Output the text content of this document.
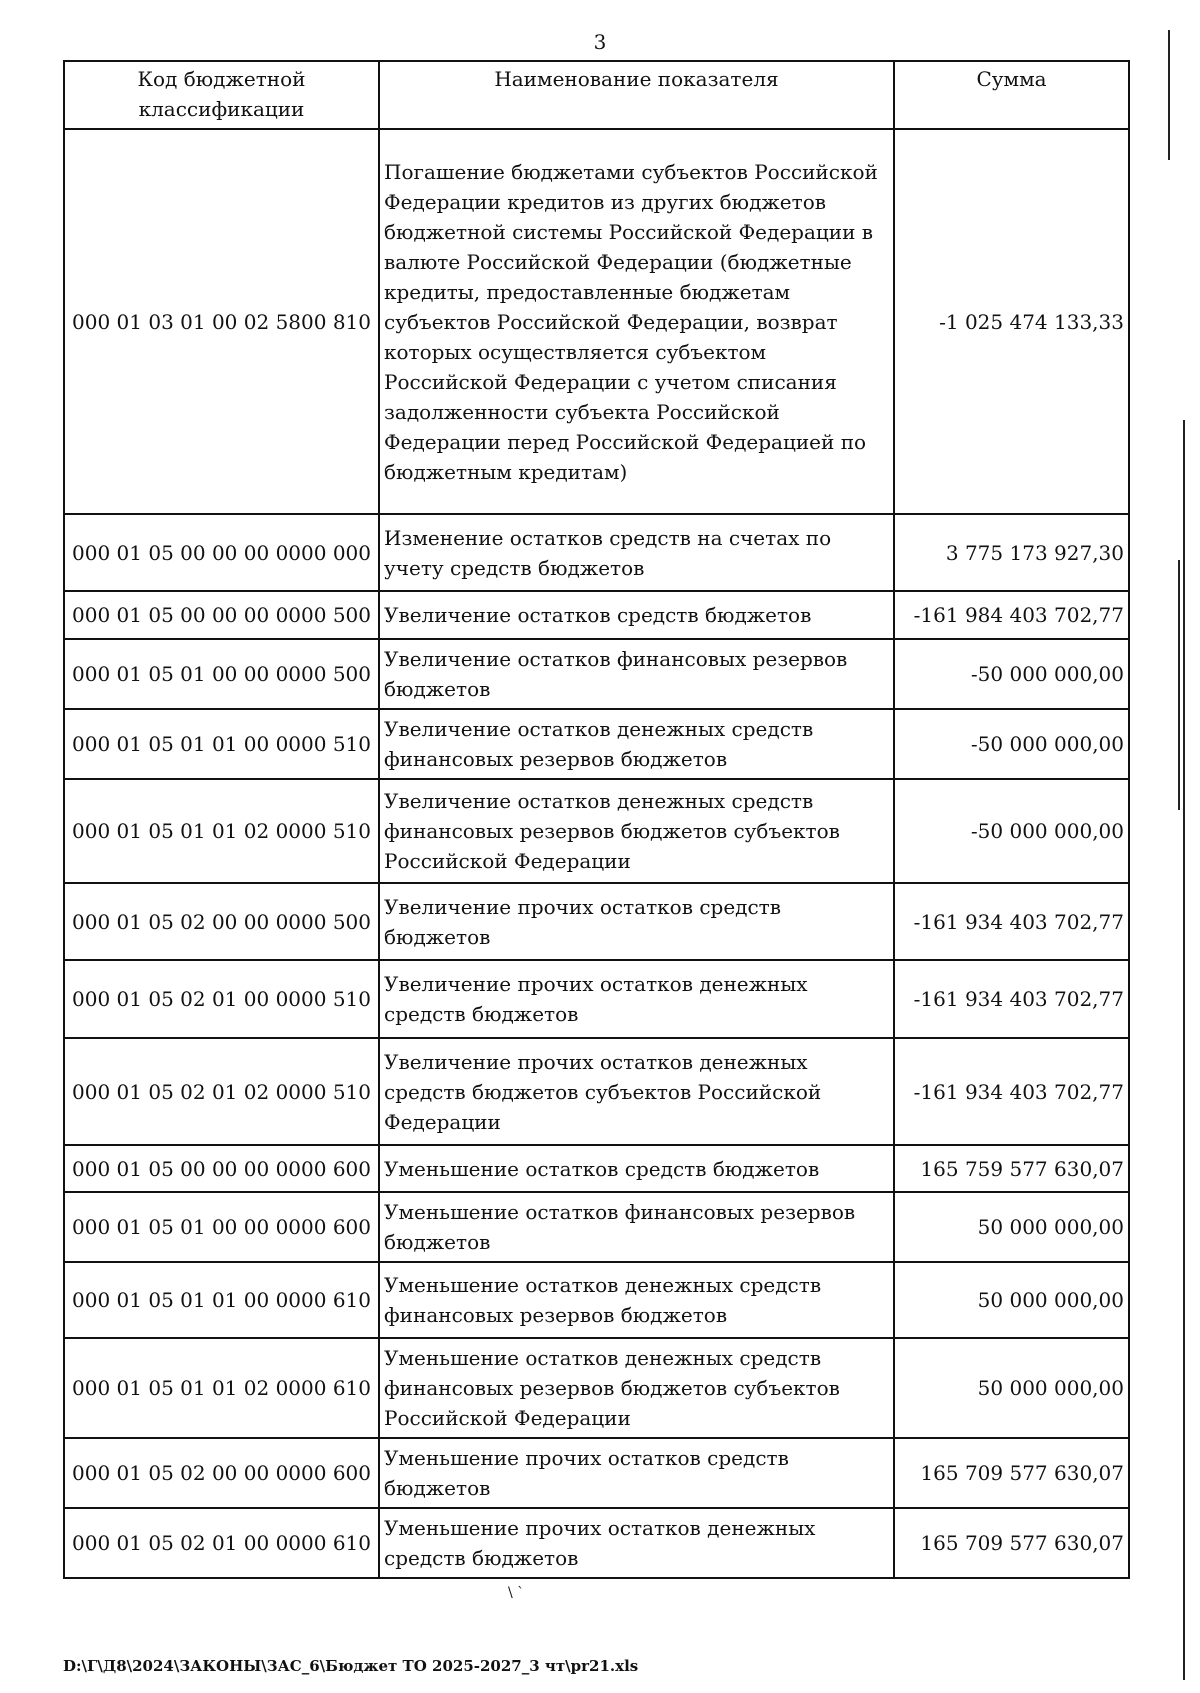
3
Код бюджетной классификации	Наименование показателя	Сумма
000 01 03 01 00 02 5800 810	Погашение бюджетами субъектов Российской Федерации кредитов из других бюджетов бюджетной системы Российской Федерации в валюте Российской Федерации (бюджетные кредиты, предоставленные бюджетам субъектов Российской Федерации, возврат которых осуществляется субъектом Российской Федерации с учетом списания задолженности субъекта Российской Федерации перед Российской Федерацией по бюджетным кредитам)	-1 025 474 133,33
000 01 05 00 00 00 0000 000	Изменение остатков средств на счетах по учету средств бюджетов	3 775 173 927,30
000 01 05 00 00 00 0000 500	Увеличение остатков средств бюджетов	-161 984 403 702,77
000 01 05 01 00 00 0000 500	Увеличение остатков финансовых резервов бюджетов	-50 000 000,00
000 01 05 01 01 00 0000 510	Увеличение остатков денежных средств финансовых резервов бюджетов	-50 000 000,00
000 01 05 01 01 02 0000 510	Увеличение остатков денежных средств финансовых резервов бюджетов субъектов Российской Федерации	-50 000 000,00
000 01 05 02 00 00 0000 500	Увеличение прочих остатков средств бюджетов	-161 934 403 702,77
000 01 05 02 01 00 0000 510	Увеличение прочих остатков денежных средств бюджетов	-161 934 403 702,77
000 01 05 02 01 02 0000 510	Увеличение прочих остатков денежных средств бюджетов субъектов Российской Федерации	-161 934 403 702,77
000 01 05 00 00 00 0000 600	Уменьшение остатков средств бюджетов	165 759 577 630,07
000 01 05 01 00 00 0000 600	Уменьшение остатков финансовых резервов бюджетов	50 000 000,00
000 01 05 01 01 00 0000 610	Уменьшение остатков денежных средств финансовых резервов бюджетов	50 000 000,00
000 01 05 01 01 02 0000 610	Уменьшение остатков денежных средств финансовых резервов бюджетов субъектов Российской Федерации	50 000 000,00
000 01 05 02 00 00 0000 600	Уменьшение прочих остатков средств бюджетов	165 709 577 630,07
000 01 05 02 01 00 0000 610	Уменьшение прочих остатков денежных средств бюджетов	165 709 577 630,07
\ `
D:\Г\Д8\2024\ЗАКОНЫ\ЗАС_6\Бюджет ТО 2025-2027_3 чт\pr21.xls
